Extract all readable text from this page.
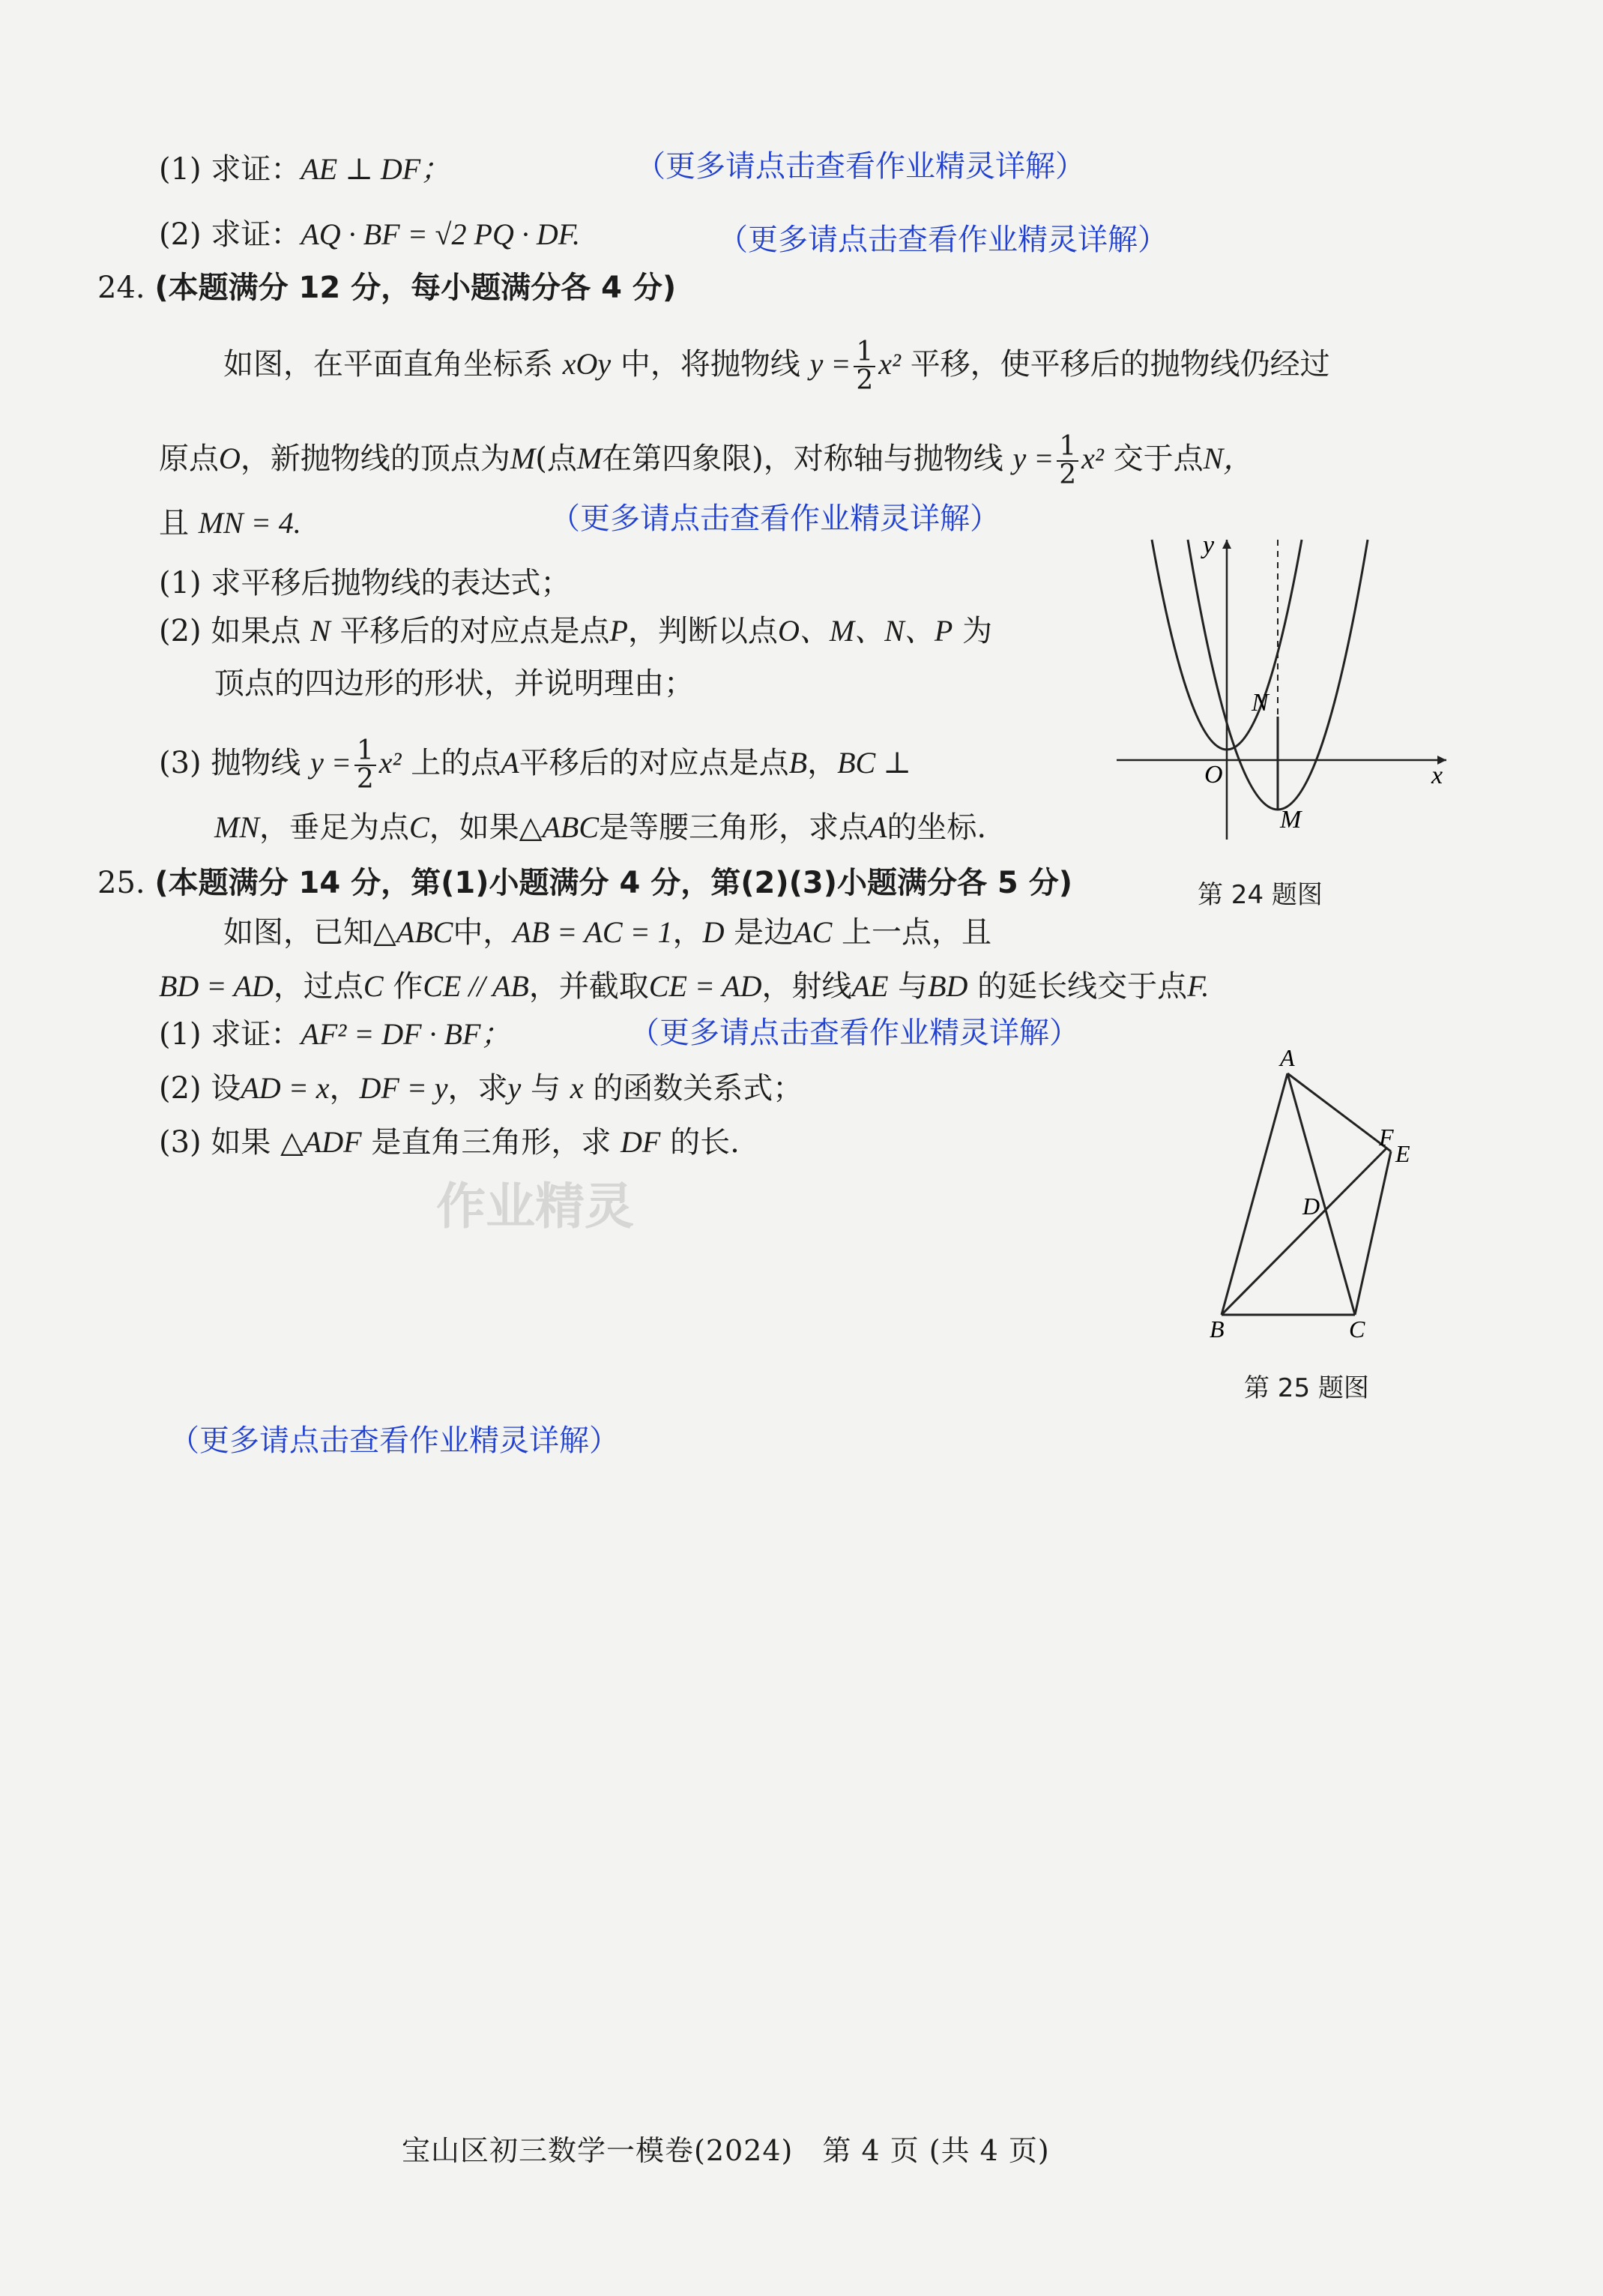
(1) 求证：AE ⊥ DF；	（更多请点击查看作业精灵详解）
(2) 求证：AQ · BF = √2 PQ · DF.	（更多请点击查看作业精灵详解）
24. (本题满分 12 分，每小题满分各 4 分)
如图，在平面直角坐标系 xOy 中，将抛物线 $y = \frac{1}{2} x^2$ 平移，使平移后的抛物线仍经过
原点O，新抛物线的顶点为M(点M在第四象限)，对称轴与抛物线 $y = \frac{1}{2} x^2$ 交于点N，
且 MN = 4.	（更多请点击查看作业精灵详解）
(1) 求平移后抛物线的表达式；
(2) 如果点 N 平移后的对应点是点P，判断以点O、M、N、P 为
顶点的四边形的形状，并说明理由；
(3) 抛物线 $y = \frac{1}{2} x^2$ 上的点A平移后的对应点是点B，BC ⊥
MN，垂足为点C，如果△ABC是等腰三角形，求点A的坐标.
y
x
O
N
M
第 24 题图
25. (本题满分 14 分，第(1)小题满分 4 分，第(2)(3)小题满分各 5 分)
如图，已知△ABC中，AB = AC = 1，D 是边AC 上一点，且
BD = AD，过点C 作CE // AB，并截取CE = AD，射线AE 与BD 的延长线交于点F.
(1) 求证：AF² = DF · BF；	（更多请点击查看作业精灵详解）
(2) 设AD = x，DF = y，求y 与 x 的函数关系式；
(3) 如果 △ADF 是直角三角形，求 DF 的长.
作业精灵
A
B	C
D
F
E
第 25 题图
（更多请点击查看作业精灵详解）
宝山区初三数学一模卷(2024)　第 4 页 (共 4 页)
